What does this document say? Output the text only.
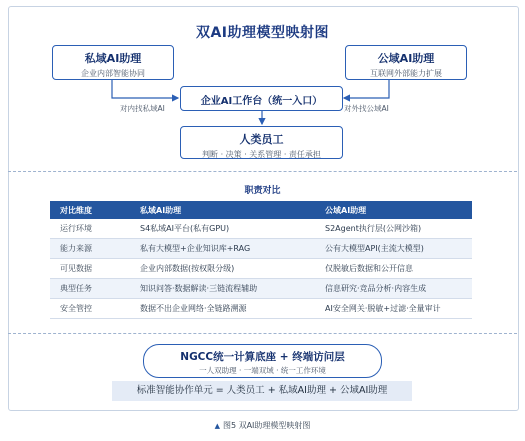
双AI助理模型映射图
私域AI助理
企业内部智能协同
公域AI助理
互联网外部能力扩展
企业AI工作台（统一入口）
对内找私域AI	对外找公域AI
人类员工
判断 · 决策 · 关系管理 · 责任承担
职责对比
对比维度	私域AI助理	公域AI助理
运行环境	S4私域AI平台(私有GPU)	S2Agent执行层(公网沙箱)
能力来源	私有大模型+企业知识库+RAG	公有大模型API(主流大模型)
可见数据	企业内部数据(按权限分级)	仅脱敏后数据和公开信息
典型任务	知识问答·数据解读·三链流程辅助	信息研究·竞品分析·内容生成
安全管控	数据不出企业网络·全链路溯源	AI安全网关·脱敏+过滤·全量审计
NGCC统一计算底座 + 终端访问层
一人双助理 · 一端双域 · 统一工作环境
标准智能协作单元 = 人类员工 + 私域AI助理 + 公域AI助理
▲ 图5 双AI助理模型映射图
